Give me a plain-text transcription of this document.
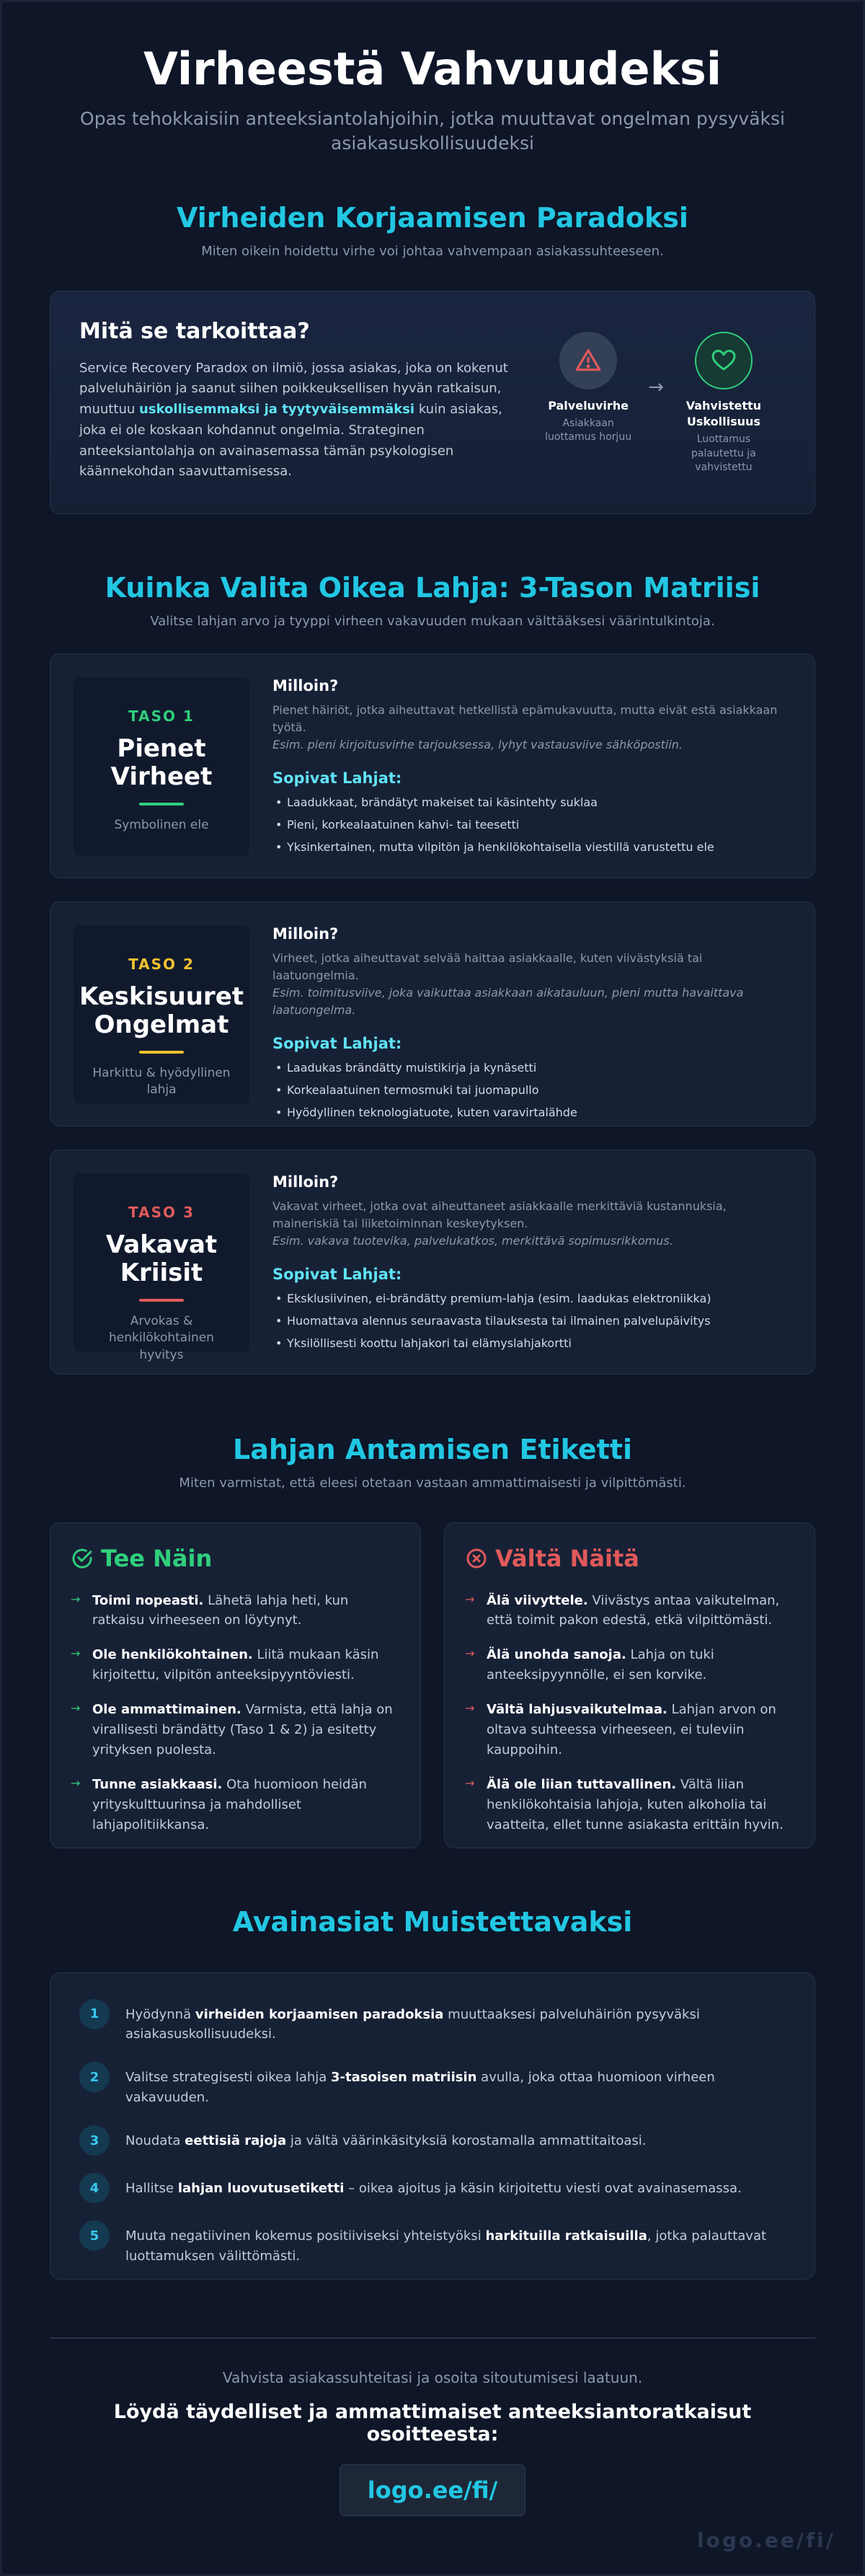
Virheestä Vahvuudeksi

Opas tehokkaisiin anteeksiantolahjoihin, jotka muuttavat ongelman pysyväksi asiakasuskollisuudeksi

Virheiden Korjaamisen Paradoksi

Miten oikein hoidettu virhe voi johtaa vahvempaan asiakassuhteeseen.

Mitä se tarkoittaa?

Service Recovery Paradox on ilmiö, jossa asiakas, joka on kokenut palveluhäiriön ja saanut siihen poikkeuksellisen hyvän ratkaisun, muuttuu uskollisemmaksi ja tyytyväisemmäksi kuin asiakas, joka ei ole koskaan kohdannut ongelmia. Strateginen anteeksiantolahja on avainasemassa tämän psykologisen käännekohdan saavuttamisessa.

Palveluvirhe
Asiakkaan luottamus horjuu
→
Vahvistettu Uskollisuus
Luottamus palautettu ja vahvistettu
Kuinka Valita Oikea Lahja: 3-Tason Matriisi

Valitse lahjan arvo ja tyyppi virheen vakavuuden mukaan välttääksesi väärintulkintoja.

TASO 1
Pienet Virheet
Symbolinen ele
Milloin?

Pienet häiriöt, jotka aiheuttavat hetkellistä epämukavuutta, mutta eivät estä asiakkaan työtä.
Esim. pieni kirjoitusvirhe tarjouksessa, lyhyt vastausviive sähköpostiin.

Sopivat Lahjat:
• Laadukkaat, brändätyt makeiset tai käsintehty suklaa
• Pieni, korkealaatuinen kahvi- tai teesetti
• Yksinkertainen, mutta vilpitön ja henkilökohtaisella viestillä varustettu ele
TASO 2
Keskisuuret Ongelmat
Harkittu & hyödyllinen lahja
Milloin?

Virheet, jotka aiheuttavat selvää haittaa asiakkaalle, kuten viivästyksiä tai laatuongelmia.
Esim. toimitusviive, joka vaikuttaa asiakkaan aikatauluun, pieni mutta havaittava laatuongelma.

Sopivat Lahjat:
• Laadukas brändätty muistikirja ja kynäsetti
• Korkealaatuinen termosmuki tai juomapullo
• Hyödyllinen teknologiatuote, kuten varavirtalähde
TASO 3
Vakavat Kriisit
Arvokas & henkilökohtainen hyvitys
Milloin?

Vakavat virheet, jotka ovat aiheuttaneet asiakkaalle merkittäviä kustannuksia, maineriskiä tai liiketoiminnan keskeytyksen.
Esim. vakava tuotevika, palvelukatkos, merkittävä sopimusrikkomus.

Sopivat Lahjat:
• Eksklusiivinen, ei-brändätty premium-lahja (esim. laadukas elektroniikka)
• Huomattava alennus seuraavasta tilauksesta tai ilmainen palvelupäivitys
• Yksilöllisesti koottu lahjakori tai elämyslahjakortti
Lahjan Antamisen Etiketti

Miten varmistat, että eleesi otetaan vastaan ammattimaisesti ja vilpittömästi.

Tee Näin
→ Toimi nopeasti. Lähetä lahja heti, kun ratkaisu virheeseen on löytynyt.
→ Ole henkilökohtainen. Liitä mukaan käsin kirjoitettu, vilpitön anteeksipyyntöviesti.
→ Ole ammattimainen. Varmista, että lahja on virallisesti brändätty (Taso 1 & 2) ja esitetty yrityksen puolesta.
→ Tunne asiakkaasi. Ota huomioon heidän yrityskulttuurinsa ja mahdolliset lahjapolitiikkansa.
Vältä Näitä
→ Älä viivyttele. Viivästys antaa vaikutelman, että toimit pakon edestä, etkä vilpittömästi.
→ Älä unohda sanoja. Lahja on tuki anteeksipyynnölle, ei sen korvike.
→ Vältä lahjusvaikutelmaa. Lahjan arvon on oltava suhteessa virheeseen, ei tuleviin kauppoihin.
→ Älä ole liian tuttavallinen. Vältä liian henkilökohtaisia lahjoja, kuten alkoholia tai vaatteita, ellet tunne asiakasta erittäin hyvin.
Avainasiat Muistettavaksi
1	Hyödynnä virheiden korjaamisen paradoksia muuttaaksesi palveluhäiriön pysyväksi asiakasuskollisuudeksi.
2	Valitse strategisesti oikea lahja 3-tasoisen matriisin avulla, joka ottaa huomioon virheen vakavuuden.
3	Noudata eettisiä rajoja ja vältä väärinkäsityksiä korostamalla ammattitaitoasi.
4	Hallitse lahjan luovutusetiketti – oikea ajoitus ja käsin kirjoitettu viesti ovat avainasemassa.
5	Muuta negatiivinen kokemus positiiviseksi yhteistyöksi harkituilla ratkaisuilla, jotka palauttavat luottamuksen välittömästi.

Vahvista asiakassuhteitasi ja osoita sitoutumisesi laatuun.

Löydä täydelliset ja ammattimaiset anteeksiantoratkaisut osoitteesta:

logo.ee/fi/
logo.ee/fi/
